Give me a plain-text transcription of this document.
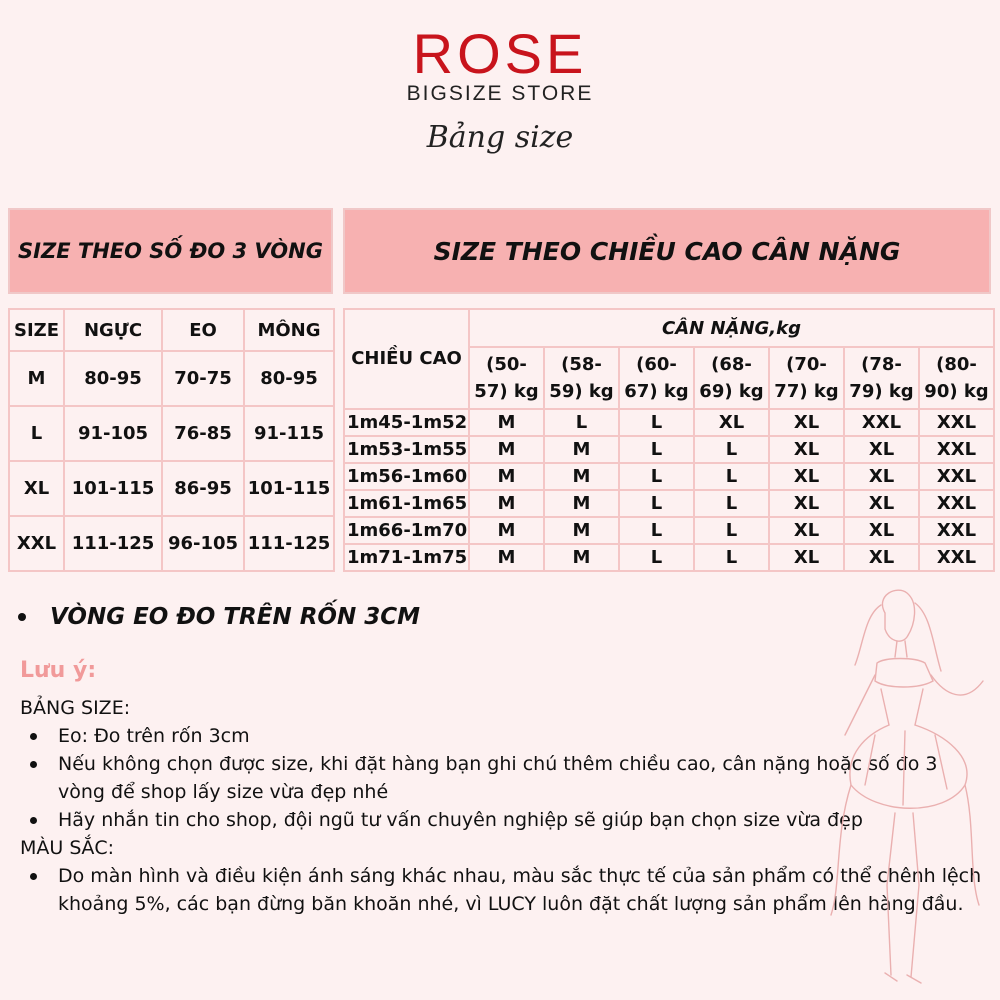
ROSE
BIGSIZE STORE
Bảng size
SIZE THEO SỐ ĐO 3 VÒNG	SIZE THEO CHIỀU CAO CÂN NẶNG
SIZE	NGỰC	EO	MÔNG
M	80-95	70-75	80-95
L	91-105	76-85	91-115
XL	101-115	86-95	101-115
XXL	111-125	96-105	111-125
CHIỀU CAO	CÂN NẶNG,kg						
	(50-57) kg	(58-59) kg	(60-67) kg	(68-69) kg	(70-77) kg	(78-79) kg	(80-90) kg
1m45-1m52	M	L	L	XL	XL	XXL	XXL
1m53-1m55	M	M	L	L	XL	XL	XXL
1m56-1m60	M	M	L	L	XL	XL	XXL
1m61-1m65	M	M	L	L	XL	XL	XXL
1m66-1m70	M	M	L	L	XL	XL	XXL
1m71-1m75	M	M	L	L	XL	XL	XXL
VÒNG EO ĐO TRÊN RỐN 3CM
Lưu ý:

BẢNG SIZE:

Eo: Đo trên rốn 3cm
Nếu không chọn được size, khi đặt hàng bạn ghi chú thêm chiều cao, cân nặng hoặc số đo 3 vòng để shop lấy size vừa đẹp nhé
Hãy nhắn tin cho shop, đội ngũ tư vấn chuyên nghiệp sẽ giúp bạn chọn size vừa đẹp

MÀU SẮC:

Do màn hình và điều kiện ánh sáng khác nhau, màu sắc thực tế của sản phẩm có thể chênh lệch khoảng 5%, các bạn đừng băn khoăn nhé, vì LUCY luôn đặt chất lượng sản phẩm lên hàng đầu.
